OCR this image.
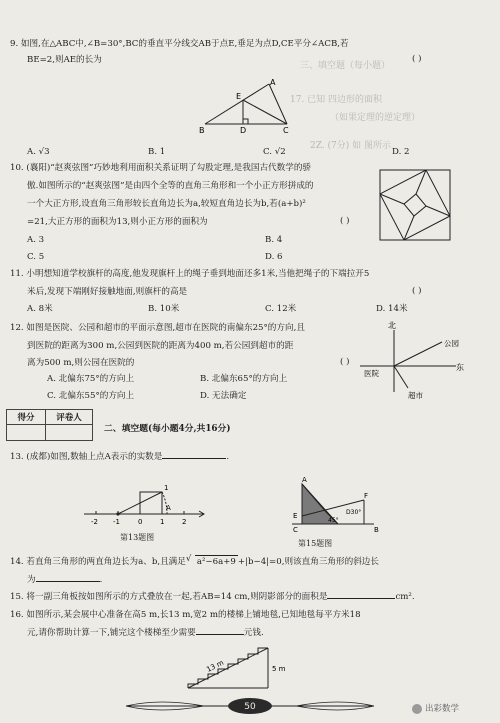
三、填空题（每小题）
17. 已知 四边形的面积
（如果定理的逆定理）
2Z. (7分) 如 图所示
9. 如图,在△ABC中,∠B=30°,BC的垂直平分线交AB于点E,垂足为点D,CE平分∠ACB,若
BE=2,则AE的长为	( )
A
E
B	D	C
A. √3	B. 1	C. √2	D. 2
10. (襄阳)“赵爽弦图”巧妙地利用面积关系证明了勾股定理,是我国古代数学的骄
傲.如图所示的“赵爽弦图”是由四个全等的直角三角形和一个小正方形拼成的
一个大正方形,设直角三角形较长直角边长为a,较短直角边长为b,若(a+b)²
=21,大正方形的面积为13,则小正方形的面积为	( )
A. 3	B. 4
C. 5	D. 6
11. 小明想知道学校旗杆的高度,他发现旗杆上的绳子垂到地面还多1米,当他把绳子的下端拉开5
米后,发现下端刚好接触地面,则旗杆的高是	( )
A. 8米	B. 10米	C. 12米	D. 14米
12. 如图是医院、公园和超市的平面示意图,超市在医院的南偏东25°的方向,且
到医院的距离为300 m,公园到医院的距离为400 m,若公园到超市的距
离为500 m,则公园在医院的	( )
A. 北偏东75°的方向上	B. 北偏东65°的方向上
C. 北偏东55°的方向上	D. 无法确定
北
东
公园
医院
超市
得分	评卷人

二、填空题(每小题4分,共16分)
13. (成都)如图,数轴上点A表示的实数是	.
1
A
-2 -1	0	1	2
第13题图
A
E
C	B
F
D30°
45°
第15题图
14. 若直角三角形的两直角边长为a、b,且满足 √ a²−6a+9 +|b−4|=0,则该直角三角形的斜边长
为	.
15. 将一副三角板按如图所示的方式叠放在一起,若AB=14 cm,则阴影部分的面积是	cm².
16. 如图所示,某会展中心准备在高5 m,长13 m,宽2 m的楼梯上铺地毯,已知地毯每平方米18
元,请你帮助计算一下,铺完这个楼梯至少需要	元钱.
13 m	5 m
50	出彩数学
